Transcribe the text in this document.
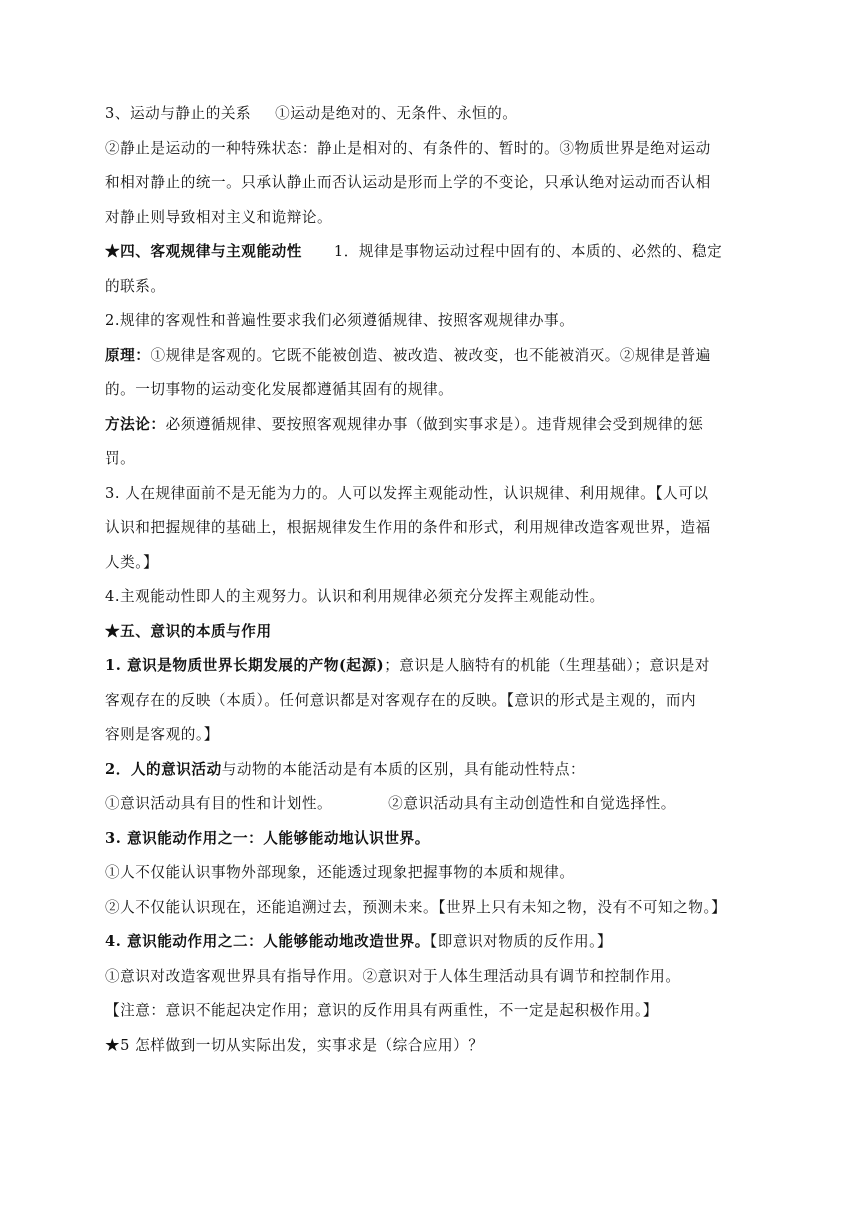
3、运动与静止的关系 ①运动是绝对的、无条件、永恒的。
②静止是运动的一种特殊状态：静止是相对的、有条件的、暂时的。③物质世界是绝对运动
和相对静止的统一。只承认静止而否认运动是形而上学的不变论，只承认绝对运动而否认相
对静止则导致相对主义和诡辩论。
★四、客观规律与主观能动性 1．规律是事物运动过程中固有的、本质的、必然的、稳定
的联系。
2.规律的客观性和普遍性要求我们必须遵循规律、按照客观规律办事。
原理：①规律是客观的。它既不能被创造、被改造、被改变，也不能被消灭。②规律是普遍
的。一切事物的运动变化发展都遵循其固有的规律。
方法论：必须遵循规律、要按照客观规律办事（做到实事求是）。违背规律会受到规律的惩
罚。
3. 人在规律面前不是无能为力的。人可以发挥主观能动性，认识规律、利用规律。【人可以
认识和把握规律的基础上，根据规律发生作用的条件和形式，利用规律改造客观世界，造福
人类。】
4.主观能动性即人的主观努力。认识和利用规律必须充分发挥主观能动性。
★五、意识的本质与作用
1. 意识是物质世界长期发展的产物(起源)；意识是人脑特有的机能（生理基础）；意识是对
客观存在的反映（本质）。任何意识都是对客观存在的反映。【意识的形式是主观的，而内
容则是客观的。】
2．人的意识活动与动物的本能活动是有本质的区别，具有能动性特点：
①意识活动具有目的性和计划性。	②意识活动具有主动创造性和自觉选择性。
3. 意识能动作用之一：人能够能动地认识世界。
①人不仅能认识事物外部现象，还能透过现象把握事物的本质和规律。
②人不仅能认识现在，还能追溯过去，预测未来。【世界上只有未知之物，没有不可知之物。】
4. 意识能动作用之二：人能够能动地改造世界。【即意识对物质的反作用。】
①意识对改造客观世界具有指导作用。②意识对于人体生理活动具有调节和控制作用。
【注意：意识不能起决定作用；意识的反作用具有两重性，不一定是起积极作用。】
★5 怎样做到一切从实际出发，实事求是（综合应用）？
